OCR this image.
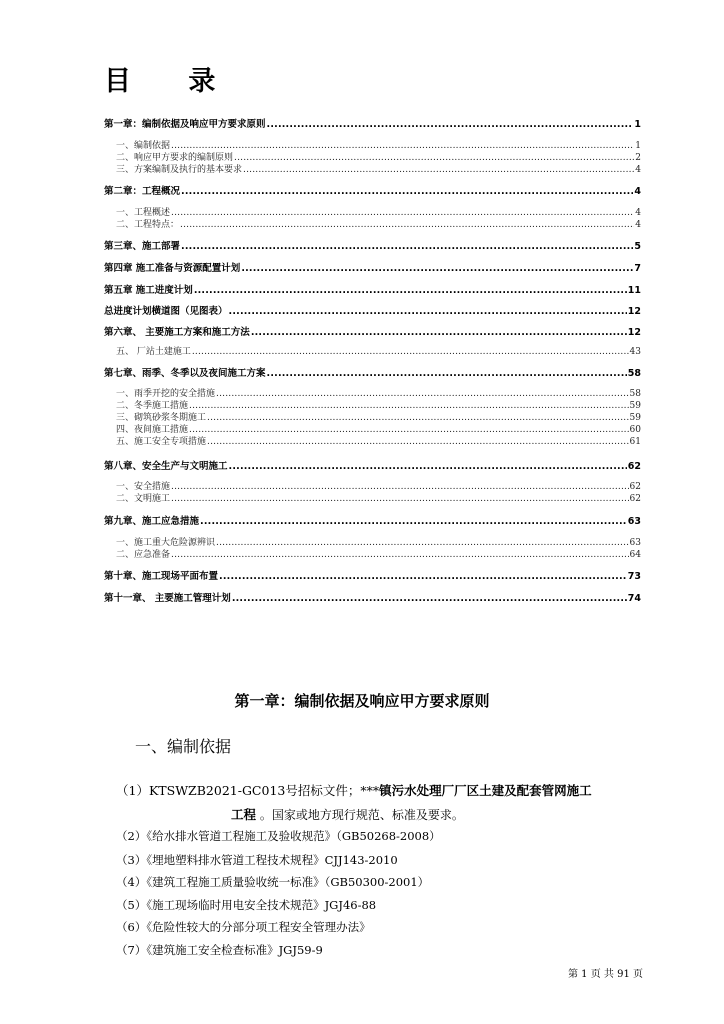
目 录
第一章：编制依据及响应甲方要求原则 .....	1
一、编制依据 .....	1
二、响应甲方要求的编制原则 .....	2
三、方案编制及执行的基本要求 .....	4
第二章：工程概况 .....	4
一、工程概述 .....	4
二、工程特点： .....	4
第三章、施工部署 .....	5
第四章 施工准备与资源配置计划 .....	7
第五章 施工进度计划 .....	11
总进度计划横道图（见图表） .....	12
第六章、 主要施工方案和施工方法 .....	12
五、 厂站土建施工 .....	43
第七章、雨季、冬季以及夜间施工方案 .....	58
一、雨季开挖的安全措施 .....	58
二、冬季施工措施 .....	59
三、砌筑砂浆冬期施工 .....	59
四、夜间施工措施 .....	60
五、施工安全专项措施 .....	61
第八章、安全生产与文明施工 .....	62
一、安全措施 .....	62
二、文明施工 .....	62
第九章、施工应急措施 .....	63
一、施工重大危险源辨识 .....	63
二、应急准备 .....	64
第十章、施工现场平面布置 .....	73
第十一章、 主要施工管理计划 .....	74
第一章：编制依据及响应甲方要求原则
一、编制依据
（1）KTSWZB2021-GC013号招标文件；***镇污水处理厂厂区土建及配套管网施工
工程 。国家或地方现行规范、标准及要求。
（2）《给水排水管道工程施工及验收规范》（GB50268-2008）
（3）《埋地塑料排水管道工程技术规程》CJJ143-2010
（4）《建筑工程施工质量验收统一标准》（GB50300-2001）
（5）《施工现场临时用电安全技术规范》JGJ46-88
（6）《危险性较大的分部分项工程安全管理办法》
（7）《建筑施工安全检查标准》JGJ59-9
第 1 页 共 91 页
